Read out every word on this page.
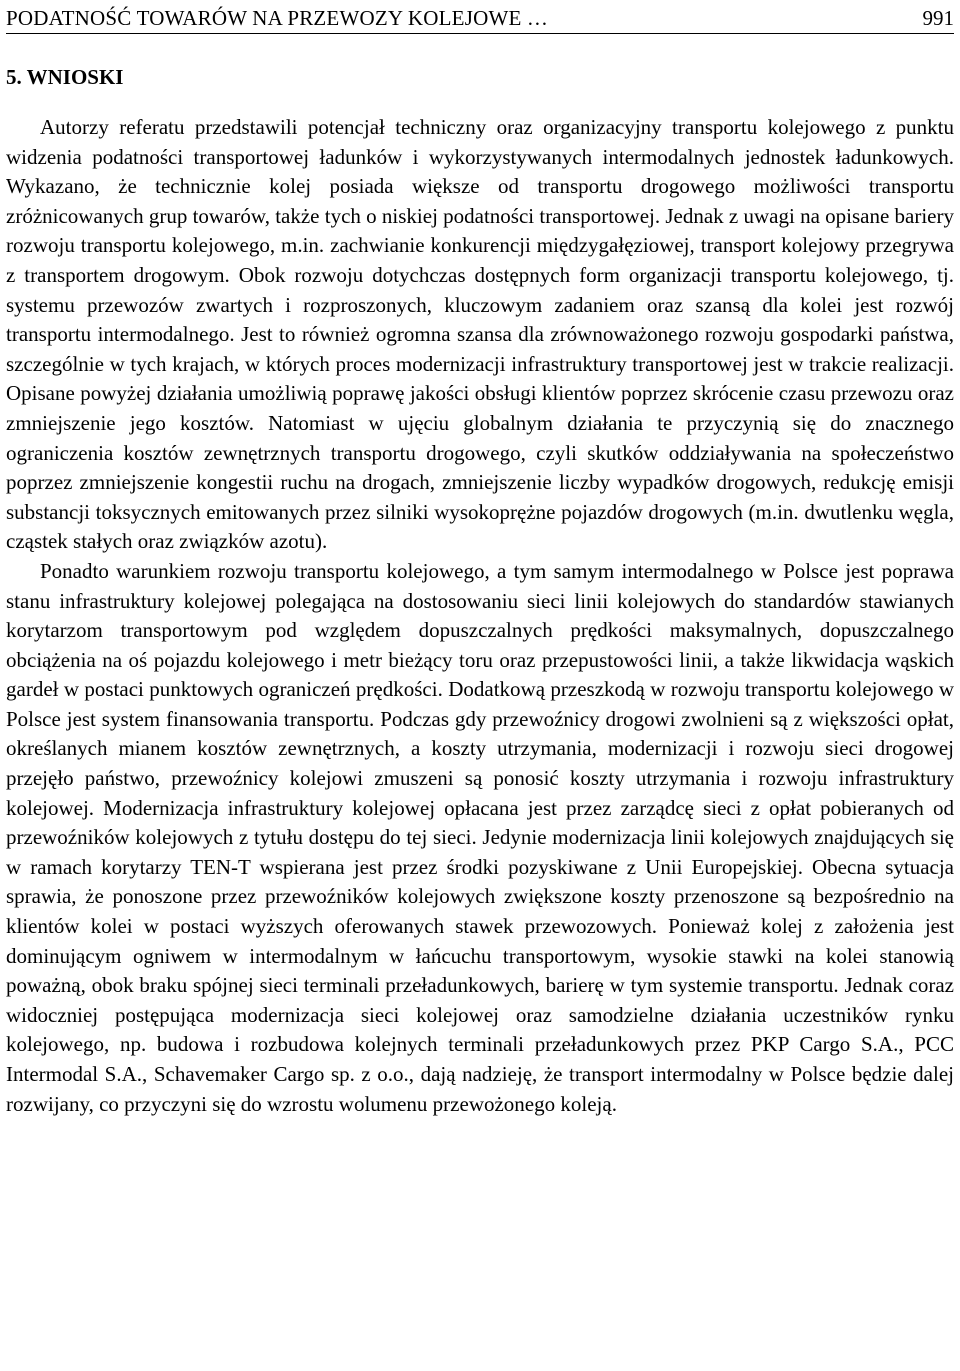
PODATNOŚĆ TOWARÓW NA PRZEWOZY KOLEJOWE …	991
5. WNIOSKI

Autorzy referatu przedstawili potencjał techniczny oraz organizacyjny transportu kolejowego z punktu widzenia podatności transportowej ładunków i wykorzystywanych intermodalnych jednostek ładunkowych. Wykazano, że technicznie kolej posiada większe od transportu drogowego możliwości transportu zróżnicowanych grup towarów, także tych o niskiej podatności transportowej. Jednak z uwagi na opisane bariery rozwoju transportu kolejowego, m.in. zachwianie konkurencji międzygałęziowej, transport kolejowy przegrywa z transportem drogowym. Obok rozwoju dotychczas dostępnych form organizacji transportu kolejowego, tj. systemu przewozów zwartych i rozproszonych, kluczowym zadaniem oraz szansą dla kolei jest rozwój transportu intermodalnego. Jest to również ogromna szansa dla zrównoważonego rozwoju gospodarki państwa, szczególnie w tych krajach, w których proces modernizacji infrastruktury transportowej jest w trakcie realizacji. Opisane powyżej działania umożliwią poprawę jakości obsługi klientów poprzez skrócenie czasu przewozu oraz zmniejszenie jego kosztów. Natomiast w ujęciu globalnym działania te przyczynią się do znacznego ograniczenia kosztów zewnętrznych transportu drogowego, czyli skutków oddziaływania na społeczeństwo poprzez zmniejszenie kongestii ruchu na drogach, zmniejszenie liczby wypadków drogowych, redukcję emisji substancji toksycznych emitowanych przez silniki wysokoprężne pojazdów drogowych (m.in. dwutlenku węgla, cząstek stałych oraz związków azotu).

Ponadto warunkiem rozwoju transportu kolejowego, a tym samym intermodalnego w Polsce jest poprawa stanu infrastruktury kolejowej polegająca na dostosowaniu sieci linii kolejowych do standardów stawianych korytarzom transportowym pod względem dopuszczalnych prędkości maksymalnych, dopuszczalnego obciążenia na oś pojazdu kolejowego i metr bieżący toru oraz przepustowości linii, a także likwidacja wąskich gardeł w postaci punktowych ograniczeń prędkości. Dodatkową przeszkodą w rozwoju transportu kolejowego w Polsce jest system finansowania transportu. Podczas gdy przewoźnicy drogowi zwolnieni są z większości opłat, określanych mianem kosztów zewnętrznych, a koszty utrzymania, modernizacji i rozwoju sieci drogowej przejęło państwo, przewoźnicy kolejowi zmuszeni są ponosić koszty utrzymania i rozwoju infrastruktury kolejowej. Modernizacja infrastruktury kolejowej opłacana jest przez zarządcę sieci z opłat pobieranych od przewoźników kolejowych z tytułu dostępu do tej sieci. Jedynie modernizacja linii kolejowych znajdujących się w ramach korytarzy TEN-T wspierana jest przez środki pozyskiwane z Unii Europejskiej. Obecna sytuacja sprawia, że ponoszone przez przewoźników kolejowych zwiększone koszty przenoszone są bezpośrednio na klientów kolei w postaci wyższych oferowanych stawek przewozowych. Ponieważ kolej z założenia jest dominującym ogniwem w intermodalnym w łańcuchu transportowym, wysokie stawki na kolei stanowią poważną, obok braku spójnej sieci terminali przeładunkowych, barierę w tym systemie transportu. Jednak coraz widoczniej postępująca modernizacja sieci kolejowej oraz samodzielne działania uczestników rynku kolejowego, np. budowa i rozbudowa kolejnych terminali przeładunkowych przez PKP Cargo S.A., PCC Intermodal S.A., Schavemaker Cargo sp. z o.o., dają nadzieję, że transport intermodalny w Polsce będzie dalej rozwijany, co przyczyni się do wzrostu wolumenu przewożonego koleją.
